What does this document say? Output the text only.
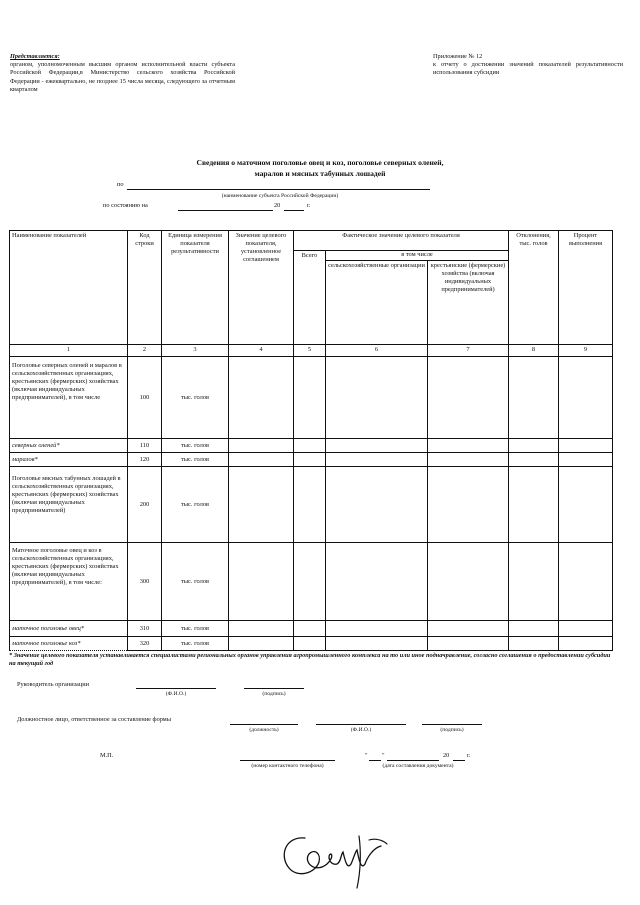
Представляется:
органом, уполномоченным высшим органом исполнительной власти субъекта Российской Федерации,в Министерство сельского хозяйства Российской Федерации - ежеквартально, не позднее 15 числа месяца, следующего за отчетным кварталом
Приложение № 12
к отчету о достижении значений показателей результативности использования субсидии
Сведения о маточном поголовье овец и коз, поголовье северных оленей,
маралов и мясных табунных лошадей
по
(наименование субъекта Российской Федерации)
по состоянию на	20	г.
Наименование показателей	Код строки	Единица измерения показателя результативности	Значение целевого показателя, установленное соглашением	Фактическое значение целевого показателя			Отклонения, тыс. голов	Процент выполнения
				Всего	в том числе			
					сельскохозяйственные организации	крестьянские (фермерские) хозяйства (включая индивидуальных предпринимателей)		
1	2	3	4	5	6	7	8	9
Поголовье северных оленей и маралов в сельскохозяйственных организациях, крестьянских (фермерских) хозяйствах (включая индивидуальных предпринимателей), в том числе	100	тыс. голов						
северных оленей*	110	тыс. голов						
маралов*	120	тыс. голов						
Поголовье мясных табунных лошадей в сельскохозяйственных организациях, крестьянских (фермерских) хозяйствах (включая индивидуальных предпринимателей)	200	тыс. голов						
Маточное поголовье овец и коз в сельскохозяйственных организациях, крестьянских (фермерских) хозяйствах (включая индивидуальных предпринимателей), в том числе:	300	тыс. голов						
маточное поголовье овец*	310	тыс. голов						
маточное поголовье коз*	320	тыс. голов						
* Значение целевого показателя устанавливается специалистами региональных органов управления агропромышленного комплекса на то или иное подначравление, согласно соглашения о предоставлении субсидии на текущий год
Руководитель организации
(Ф.И.О.)	(подпись)
Должностное лицо, ответственное за составление формы
(должность)	(Ф.И.О.)	(подпись)
М.П.
(номер контактного телефона)
" "	20	г.
(дата составления документа)
